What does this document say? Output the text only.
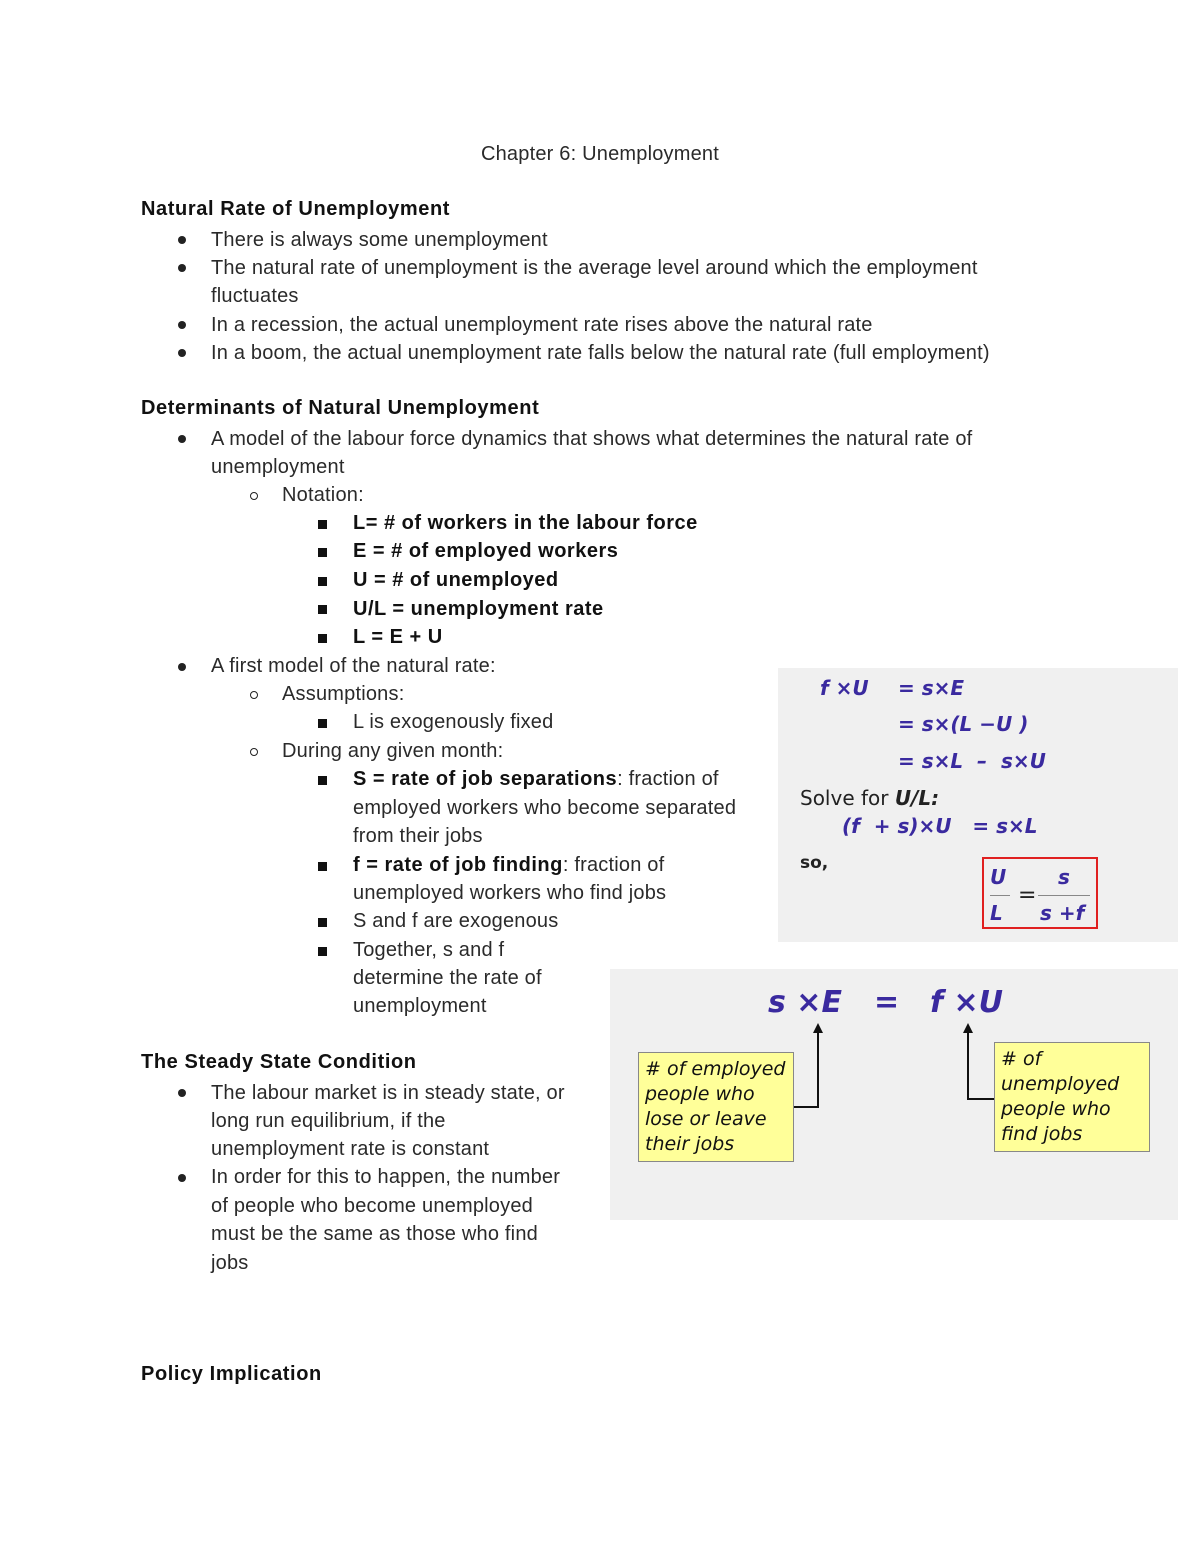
Chapter 6: Unemployment
Natural Rate of Unemployment
There is always some unemployment
The natural rate of unemployment is the average level around which the employment
fluctuates
In a recession, the actual unemployment rate rises above the natural rate
In a boom, the actual unemployment rate falls below the natural rate (full employment)
Determinants of Natural Unemployment
A model of the labour force dynamics that shows what determines the natural rate of
unemployment
Notation:
L= # of workers in the labour force
E = # of employed workers
U = # of unemployed
U/L = unemployment rate
L = E + U
A first model of the natural rate:
Assumptions:
L is exogenously fixed
During any given month:
S = rate of job separations: fraction of
employed workers who become separated
from their jobs
f = rate of job finding: fraction of
unemployed workers who find jobs
S and f are exogenous
Together, s and f
determine the rate of
unemployment
The Steady State Condition
The labour market is in steady state, or
long run equilibrium, if the
unemployment rate is constant
In order for this to happen, the number
of people who become unemployed
must be the same as those who find
jobs
Policy Implication
f ×U = s×E
= s×(L −U )
= s×L  –  s×U
Solve for U/L:
(f  + s)×U   = s×L
so,
U
L
=
s
s +f
s ×E = f ×U
# of employed people who lose or leave their jobs
# of unemployed people who find jobs
